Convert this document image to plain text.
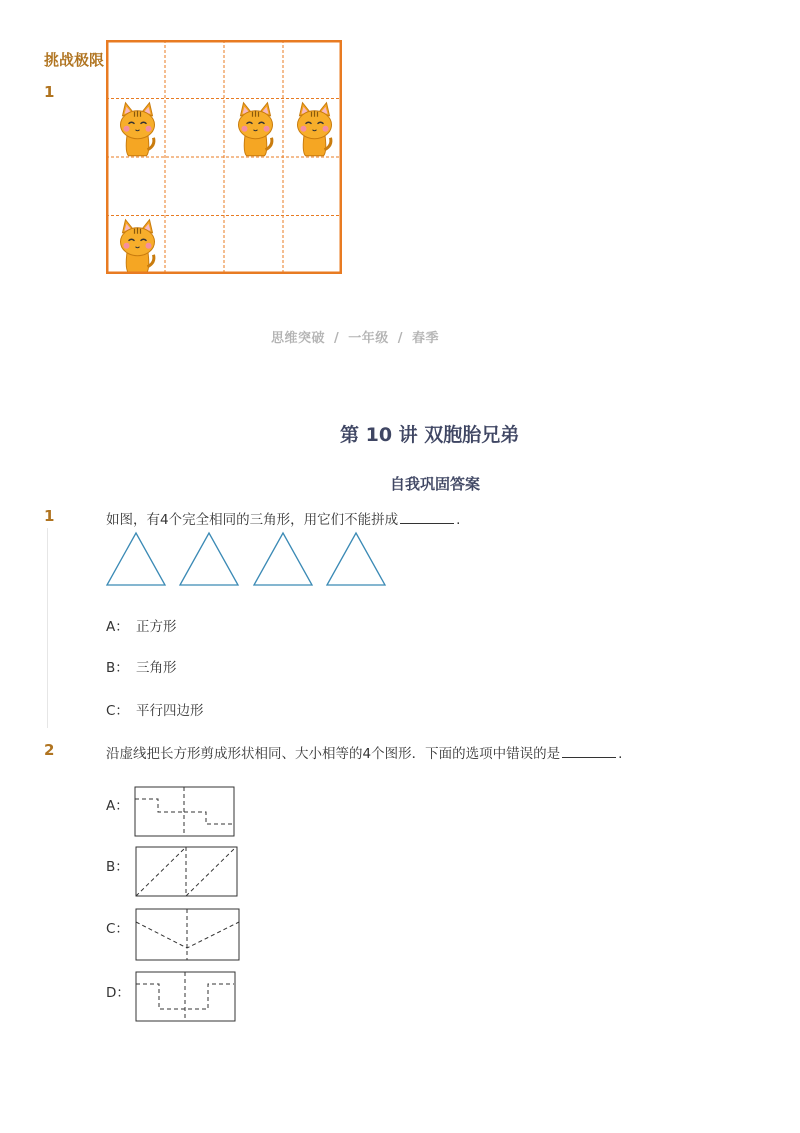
挑战极限1
思维突破 / 一年级 / 春季
第 10 讲 双胞胎兄弟
自我巩固答案
1	如图，有4个完全相同的三角形，用它们不能拼成	.
A： 正方形
B： 三角形
C： 平行四边形
2	沿虚线把长方形剪成形状相同、大小相等的4个图形．下面的选项中错误的是	.
A：
B：
C：
D：
